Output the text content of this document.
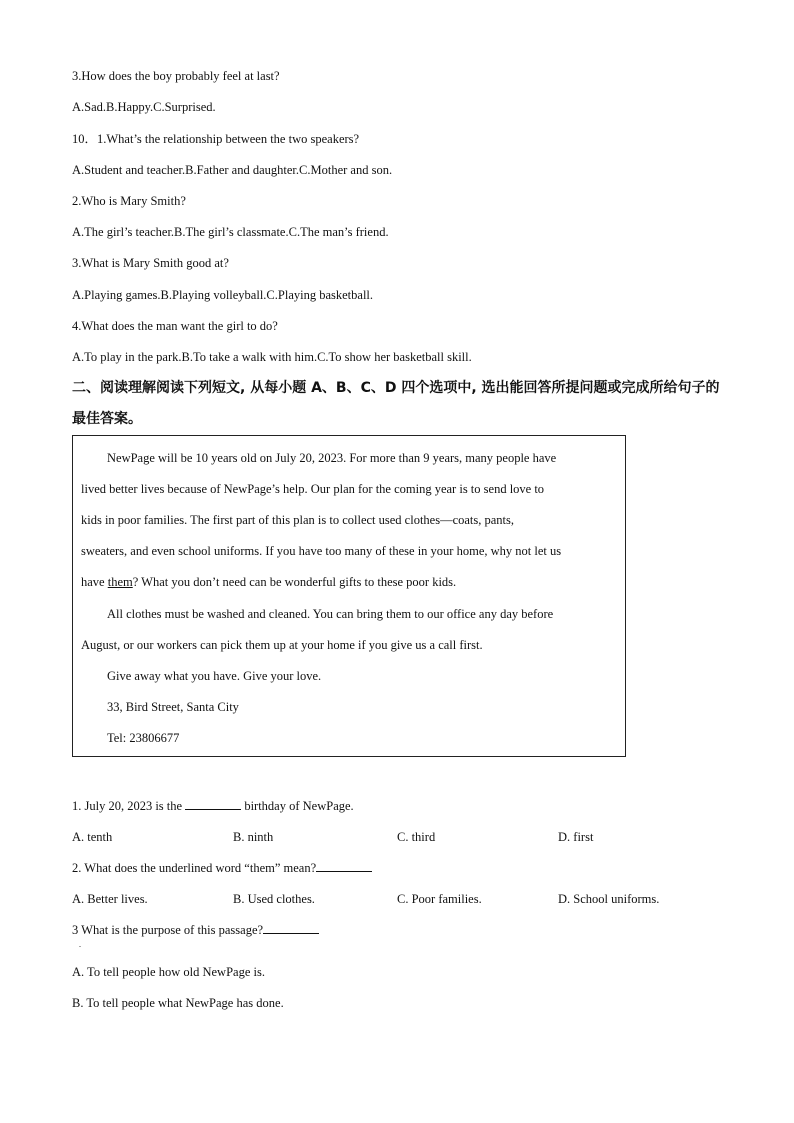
3.How does the boy probably feel at last?
A.Sad.B.Happy.C.Surprised.
10．1.What’s the relationship between the two speakers?
A.Student and teacher.B.Father and daughter.C.Mother and son.
2.Who is Mary Smith?
A.The girl’s teacher.B.The girl’s classmate.C.The man’s friend.
3.What is Mary Smith good at?
A.Playing games.B.Playing volleyball.C.Playing basketball.
4.What does the man want the girl to do?
A.To play in the park.B.To take a walk with him.C.To show her basketball skill.
二、阅读理解阅读下列短文, 从每小题 A、B、C、D 四个选项中, 选出能回答所提问题或完成所给句子的最佳答案。
NewPage will be 10 years old on July 20, 2023. For more than 9 years, many people have
lived better lives because of NewPage’s help. Our plan for the coming year is to send love to
kids in poor families. The first part of this plan is to collect used clothes—coats, pants,
sweaters, and even school uniforms. If you have too many of these in your home, why not let us
have them? What you don’t need can be wonderful gifts to these poor kids.
All clothes must be washed and cleaned. You can bring them to our office any day before
August, or our workers can pick them up at your home if you give us a call first.
Give away what you have. Give your love.
33, Bird Street, Santa City
Tel: 23806677
1. July 20, 2023 is the	birthday of NewPage.
A. tenth	B. ninth	C. third	D. first
2. What does the underlined word “them” mean?
A. Better lives.	B. Used clothes.	C. Poor families.	D. School uniforms.
3 What is the purpose of this passage?
.
A. To tell people how old NewPage is.
B. To tell people what NewPage has done.
